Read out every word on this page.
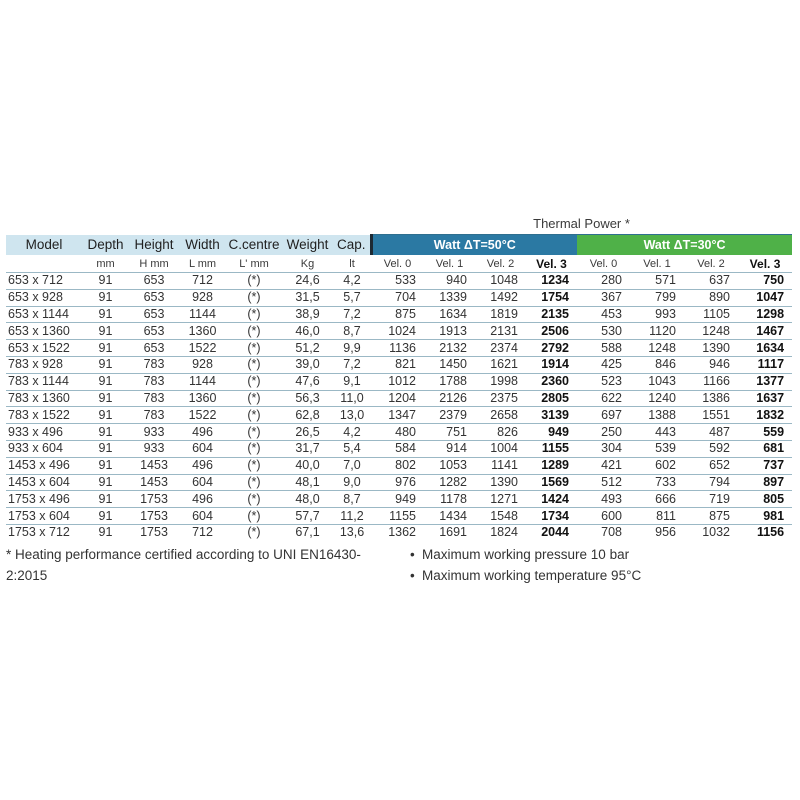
							Thermal Power *							
Model	Depth	Height	Width	C.centre	Weight	Cap.	Watt ΔT=50°C				Watt ΔT=30°C			
	mm	H mm	L mm	L' mm	Kg	lt	Vel. 0	Vel. 1	Vel. 2	Vel. 3	Vel. 0	Vel. 1	Vel. 2	Vel. 3
653 x 712	91	653	712	(*)	24,6	4,2	533	940	1048	1234	280	571	637	750
653 x 928	91	653	928	(*)	31,5	5,7	704	1339	1492	1754	367	799	890	1047
653 x 1144	91	653	1144	(*)	38,9	7,2	875	1634	1819	2135	453	993	1105	1298
653 x 1360	91	653	1360	(*)	46,0	8,7	1024	1913	2131	2506	530	1120	1248	1467
653 x 1522	91	653	1522	(*)	51,2	9,9	1136	2132	2374	2792	588	1248	1390	1634
783 x 928	91	783	928	(*)	39,0	7,2	821	1450	1621	1914	425	846	946	1117
783 x 1144	91	783	1144	(*)	47,6	9,1	1012	1788	1998	2360	523	1043	1166	1377
783 x 1360	91	783	1360	(*)	56,3	11,0	1204	2126	2375	2805	622	1240	1386	1637
783 x 1522	91	783	1522	(*)	62,8	13,0	1347	2379	2658	3139	697	1388	1551	1832
933 x 496	91	933	496	(*)	26,5	4,2	480	751	826	949	250	443	487	559
933 x 604	91	933	604	(*)	31,7	5,4	584	914	1004	1155	304	539	592	681
1453 x 496	91	1453	496	(*)	40,0	7,0	802	1053	1141	1289	421	602	652	737
1453 x 604	91	1453	604	(*)	48,1	9,0	976	1282	1390	1569	512	733	794	897
1753 x 496	91	1753	496	(*)	48,0	8,7	949	1178	1271	1424	493	666	719	805
1753 x 604	91	1753	604	(*)	57,7	11,2	1155	1434	1548	1734	600	811	875	981
1753 x 712	91	1753	712	(*)	67,1	13,6	1362	1691	1824	2044	708	956	1032	1156
* Heating performance certified according to UNI EN16430-2:2015
• Maximum working pressure 10 bar
• Maximum working temperature 95°C
